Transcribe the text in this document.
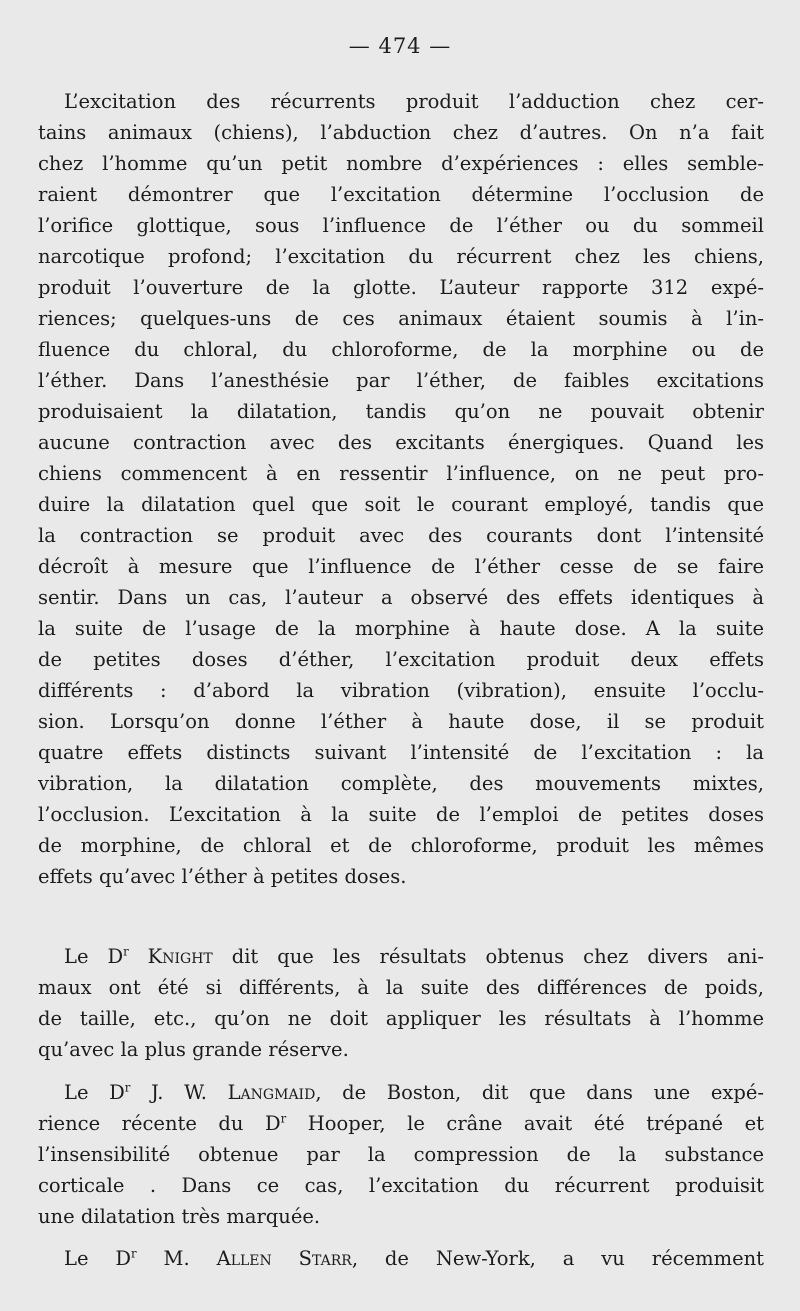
— 474 —
L’excitation des récurrents produit l’adduction chez cer-
tains animaux (chiens), l’abduction chez d’autres. On n’a fait
chez l’homme qu’un petit nombre d’expériences : elles semble-
raient démontrer que l’excitation détermine l’occlusion de
l’orifice glottique, sous l’influence de l’éther ou du sommeil
narcotique profond; l’excitation du récurrent chez les chiens,
produit l’ouverture de la glotte. L’auteur rapporte 312 expé-
riences; quelques-uns de ces animaux étaient soumis à l’in-
fluence du chloral, du chloroforme, de la morphine ou de
l’éther. Dans l’anesthésie par l’éther, de faibles excitations
produisaient la dilatation, tandis qu’on ne pouvait obtenir
aucune contraction avec des excitants énergiques. Quand les
chiens commencent à en ressentir l’influence, on ne peut pro-
duire la dilatation quel que soit le courant employé, tandis que
la contraction se produit avec des courants dont l’intensité
décroît à mesure que l’influence de l’éther cesse de se faire
sentir. Dans un cas, l’auteur a observé des effets identiques à
la suite de l’usage de la morphine à haute dose. A la suite
de petites doses d’éther, l’excitation produit deux effets
différents : d’abord la vibration (vibration), ensuite l’occlu-
sion. Lorsqu’on donne l’éther à haute dose, il se produit
quatre effets distincts suivant l’intensité de l’excitation : la
vibration, la dilatation complète, des mouvements mixtes,
l’occlusion. L’excitation à la suite de l’emploi de petites doses
de morphine, de chloral et de chloroforme, produit les mêmes
effets qu’avec l’éther à petites doses.
Le $D^r$ Knight dit que les résultats obtenus chez divers ani-
maux ont été si différents, à la suite des différences de poids,
de taille, etc., qu’on ne doit appliquer les résultats à l’homme
qu’avec la plus grande réserve.
Le $D^r$ J. W. Langmaid, de Boston, dit que dans une expé-
rience récente du $D^r$ Hooper, le crâne avait été trépané et
l’insensibilité obtenue par la compression de la substance
corticale . Dans ce cas, l’excitation du récurrent produisit
une dilatation très marquée.
Le $D^r$ M. Allen Starr, de New-York, a vu récemment
